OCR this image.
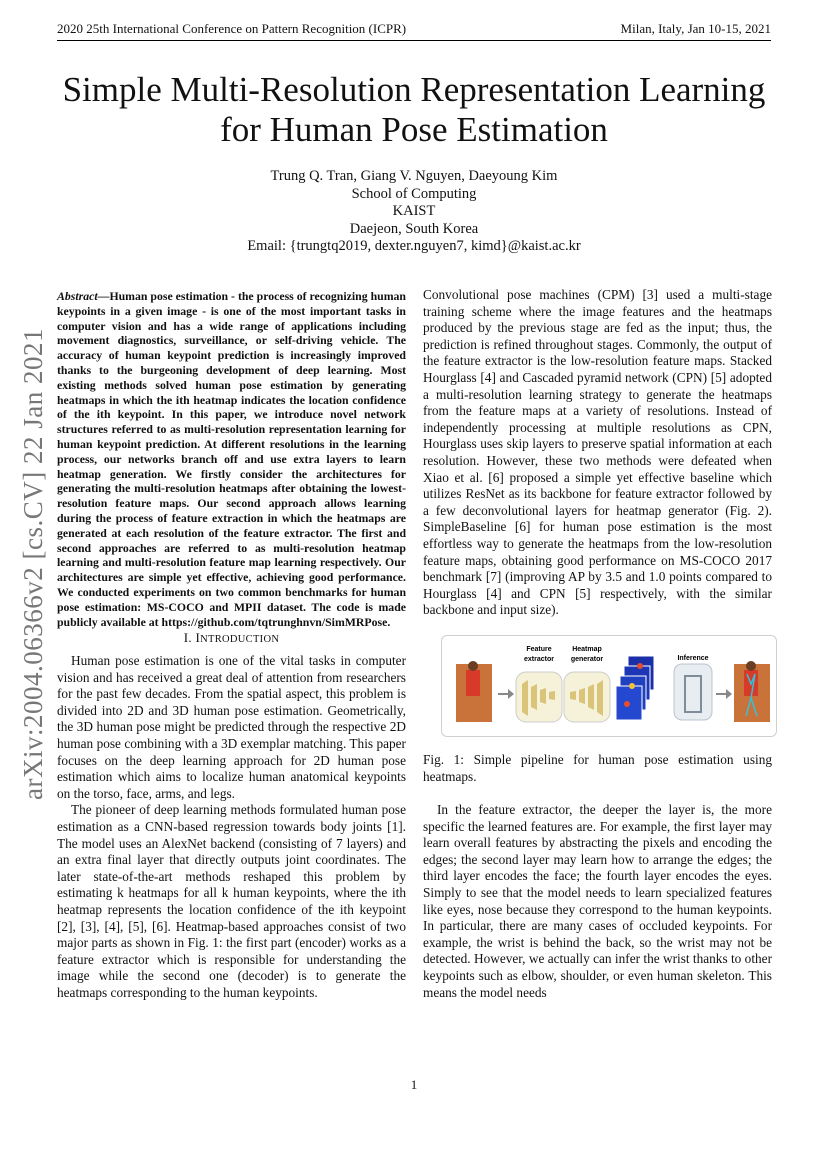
2020 25th International Conference on Pattern Recognition (ICPR)	Milan, Italy, Jan 10-15, 2021
Simple Multi-Resolution Representation Learning
for Human Pose Estimation
Trung Q. Tran, Giang V. Nguyen, Daeyoung Kim
School of Computing
KAIST
Daejeon, South Korea
Email: {trungtq2019, dexter.nguyen7, kimd}@kaist.ac.kr
arXiv:2004.06366v2 [cs.CV] 22 Jan 2021
Abstract—Human pose estimation - the process of recognizing human keypoints in a given image - is one of the most important tasks in computer vision and has a wide range of applications including movement diagnostics, surveillance, or self-driving vehicle. The accuracy of human keypoint prediction is increasingly improved thanks to the burgeoning development of deep learning. Most existing methods solved human pose estimation by generating heatmaps in which the ith heatmap indicates the location confidence of the ith keypoint. In this paper, we introduce novel network structures referred to as multi-resolution representation learning for human keypoint prediction. At different resolutions in the learning process, our networks branch off and use extra layers to learn heatmap generation. We firstly consider the architectures for generating the multi-resolution heatmaps after obtaining the lowest-resolution feature maps. Our second approach allows learning during the process of feature extraction in which the heatmaps are generated at each resolution of the feature extractor. The first and second approaches are referred to as multi-resolution heatmap learning and multi-resolution feature map learning respectively. Our architectures are simple yet effective, achieving good performance. We conducted experiments on two common benchmarks for human pose estimation: MS-COCO and MPII dataset. The code is made publicly available at https://github.com/tqtrunghnvn/SimMRPose.
I. INTRODUCTION

Human pose estimation is one of the vital tasks in computer vision and has received a great deal of attention from researchers for the past few decades. From the spatial aspect, this problem is divided into 2D and 3D human pose estimation. Geometrically, the 3D human pose might be predicted through the respective 2D human pose combining with a 3D exemplar matching. This paper focuses on the deep learning approach for 2D human pose estimation which aims to localize human anatomical keypoints on the torso, face, arms, and legs.

The pioneer of deep learning methods formulated human pose estimation as a CNN-based regression towards body joints [1]. The model uses an AlexNet backend (consisting of 7 layers) and an extra final layer that directly outputs joint coordinates. The later state-of-the-art methods reshaped this problem by estimating k heatmaps for all k human keypoints, where the ith heatmap represents the location confidence of the ith keypoint [2], [3], [4], [5], [6]. Heatmap-based approaches consist of two major parts as shown in Fig. 1: the first part (encoder) works as a feature extractor which is responsible for understanding the image while the second one (decoder) is to generate the heatmaps corresponding to the human keypoints.

Convolutional pose machines (CPM) [3] used a multi-stage training scheme where the image features and the heatmaps produced by the previous stage are fed as the input; thus, the prediction is refined throughout stages. Commonly, the output of the feature extractor is the low-resolution feature maps. Stacked Hourglass [4] and Cascaded pyramid network (CPN) [5] adopted a multi-resolution learning strategy to generate the heatmaps from the feature maps at a variety of resolutions. Instead of independently processing at multiple resolutions as CPN, Hourglass uses skip layers to preserve spatial information at each resolution. However, these two methods were defeated when Xiao et al. [6] proposed a simple yet effective baseline which utilizes ResNet as its backbone for feature extractor followed by a few deconvolutional layers for heatmap generator (Fig. 2). SimpleBaseline [6] for human pose estimation is the most effortless way to generate the heatmaps from the low-resolution feature maps, obtaining good performance on MS-COCO 2017 benchmark [7] (improving AP by 3.5 and 1.0 points compared to Hourglass [4] and CPN [5] respectively, with the similar backbone and input size).

Feature
extractor
Heatmap
generator	Inference
Fig. 1: Simple pipeline for human pose estimation using heatmaps.

In the feature extractor, the deeper the layer is, the more specific the learned features are. For example, the first layer may learn overall features by abstracting the pixels and encoding the edges; the second layer may learn how to arrange the edges; the third layer encodes the face; the fourth layer encodes the eyes. Simply to see that the model needs to learn specialized features like eyes, nose because they correspond to the human keypoints. In particular, there are many cases of occluded keypoints. For example, the wrist is behind the back, so the wrist may not be detected. However, we actually can infer the wrist thanks to other keypoints such as elbow, shoulder, or even human skeleton. This means the model needs

1
